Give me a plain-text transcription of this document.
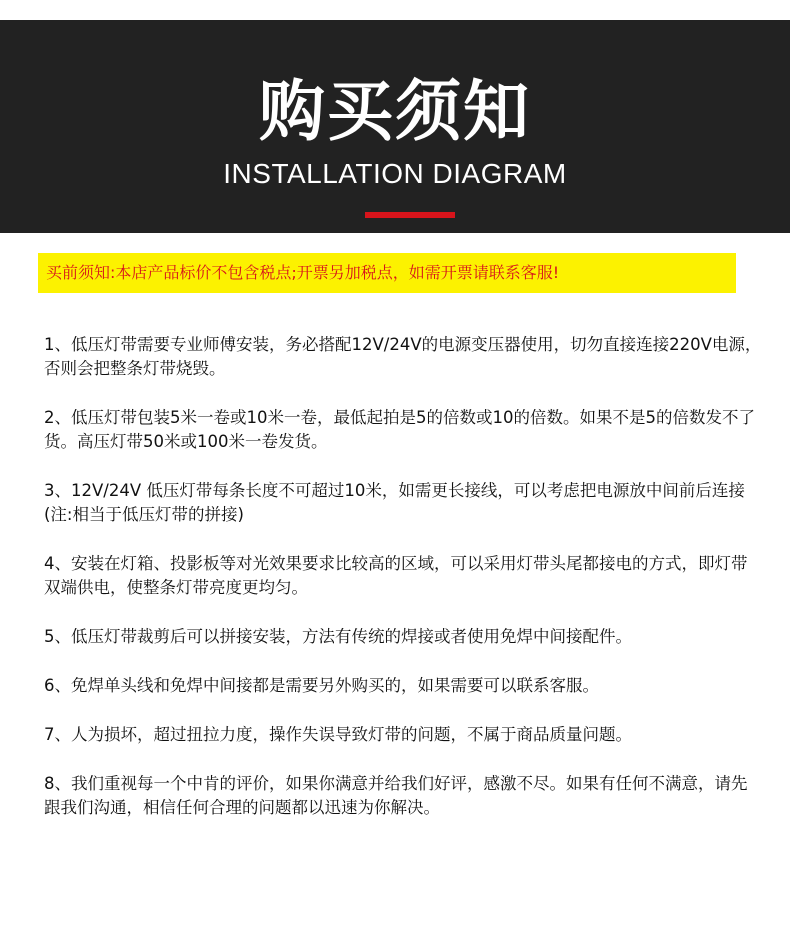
购买须知
INSTALLATION DIAGRAM
买前须知:本店产品标价不包含税点;开票另加税点，如需开票请联系客服!
1、低压灯带需要专业师傅安装，务必搭配12V/24V的电源变压器使用，切勿直接连接220V电源，否则会把整条灯带烧毁。
2、低压灯带包装5米一卷或10米一卷，最低起拍是5的倍数或10的倍数。如果不是5的倍数发不了货。高压灯带50米或100米一卷发货。
3、12V/24V 低压灯带每条长度不可超过10米，如需更长接线，可以考虑把电源放中间前后连接(注:相当于低压灯带的拼接)
4、安装在灯箱、投影板等对光效果要求比较高的区域，可以采用灯带头尾都接电的方式，即灯带双端供电，使整条灯带亮度更均匀。
5、低压灯带裁剪后可以拼接安装，方法有传统的焊接或者使用免焊中间接配件。
6、免焊单头线和免焊中间接都是需要另外购买的，如果需要可以联系客服。
7、人为损坏，超过扭拉力度，操作失误导致灯带的问题，不属于商品质量问题。
8、我们重视每一个中肯的评价，如果你满意并给我们好评，感激不尽。如果有任何不满意，请先跟我们沟通，相信任何合理的问题都以迅速为你解决。
